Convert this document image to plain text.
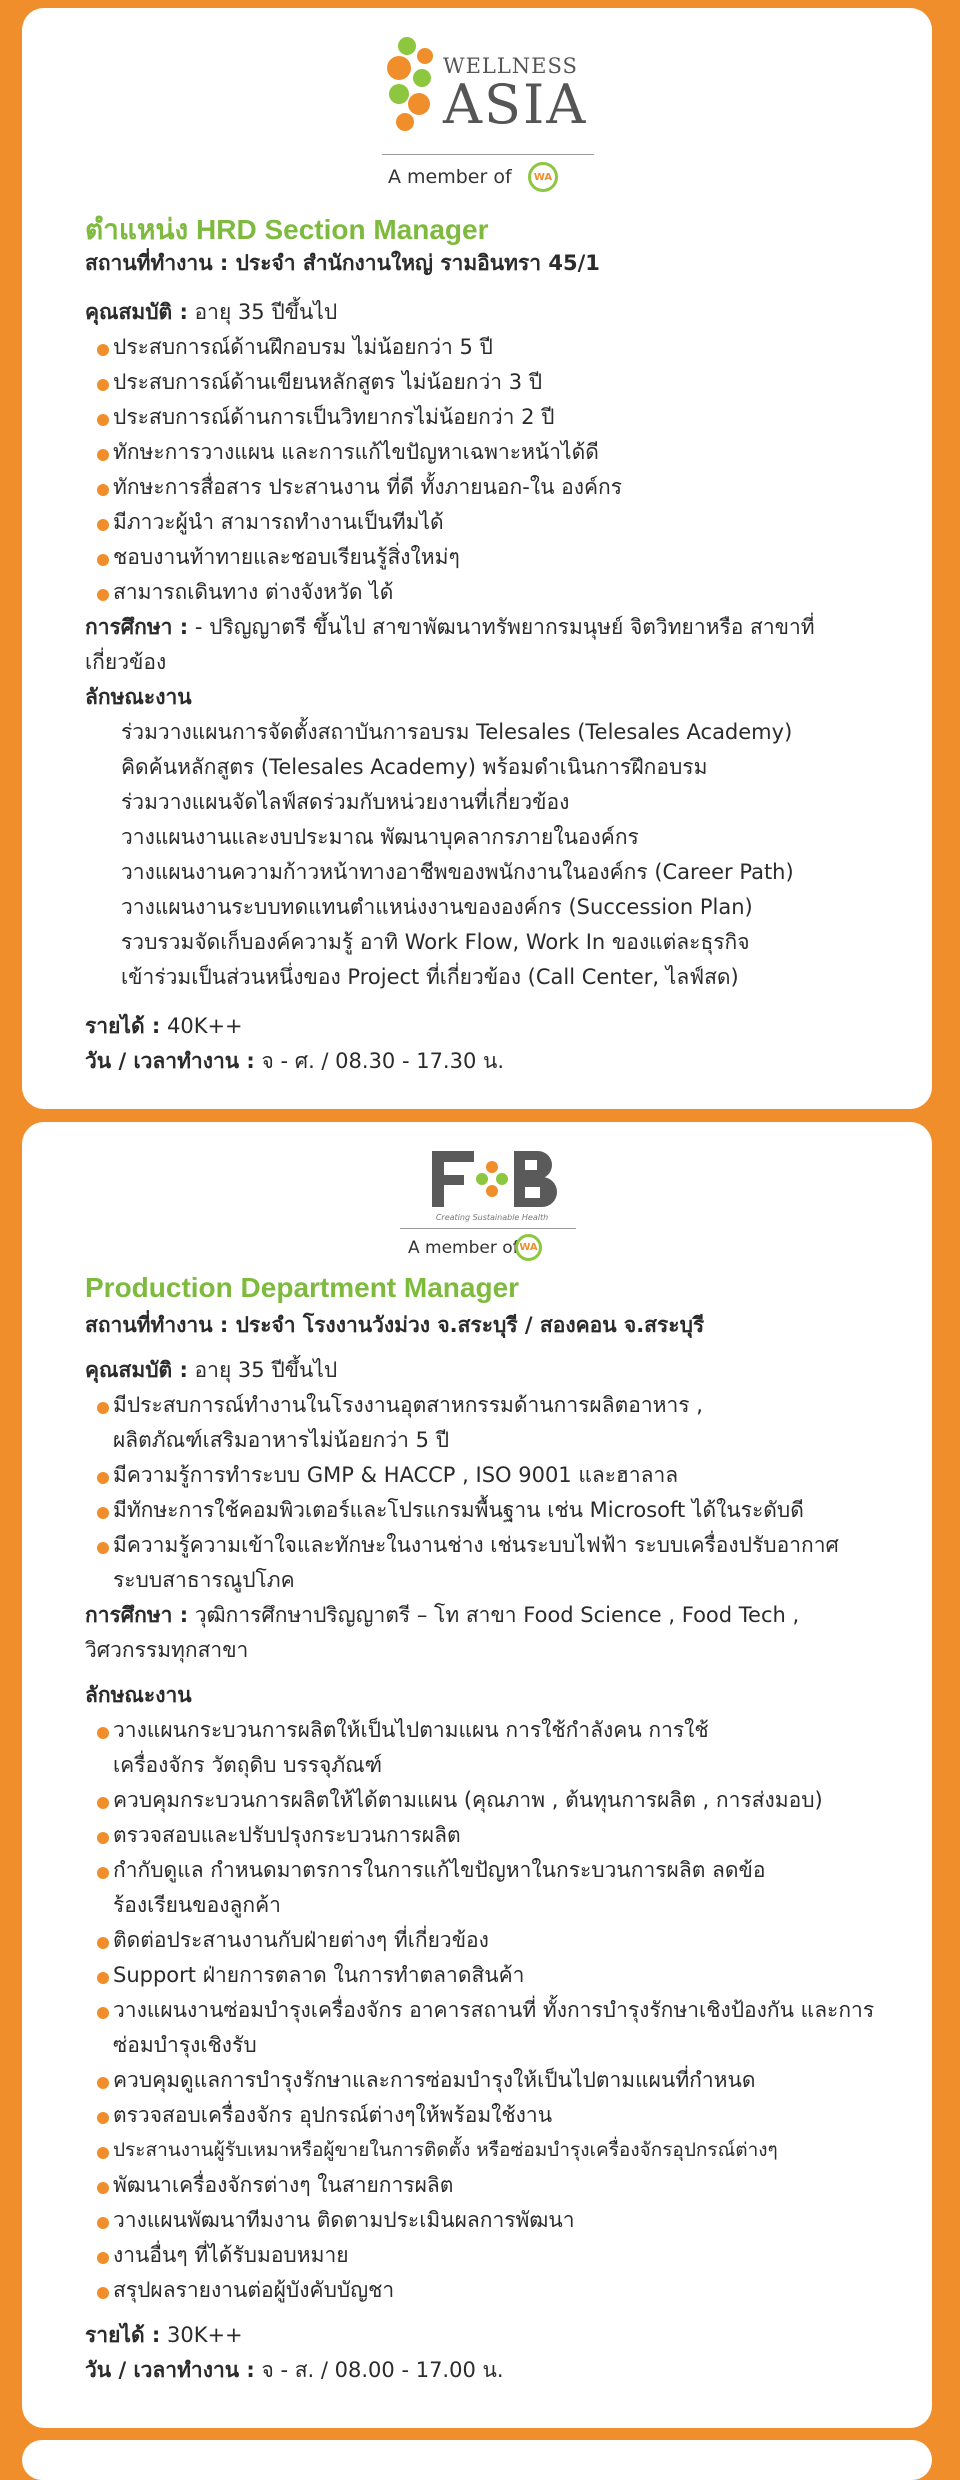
WELLNESS
ASIA
A member of	WA
ตำแหน่ง HRD Section Manager

สถานที่ทำงาน : ประจำ สำนักงานใหญ่ รามอินทรา 45/1

คุณสมบัติ : อายุ 35 ปีขึ้นไป

ประสบการณ์ด้านฝึกอบรม ไม่น้อยกว่า 5 ปี

ประสบการณ์ด้านเขียนหลักสูตร ไม่น้อยกว่า 3 ปี

ประสบการณ์ด้านการเป็นวิทยากรไม่น้อยกว่า 2 ปี

ทักษะการวางแผน และการแก้ไขปัญหาเฉพาะหน้าได้ดี

ทักษะการสื่อสาร ประสานงาน ที่ดี ทั้งภายนอก-ใน องค์กร

มีภาวะผู้นำ สามารถทำงานเป็นทีมได้

ชอบงานท้าทายและชอบเรียนรู้สิ่งใหม่ๆ

สามารถเดินทาง ต่างจังหวัด ได้

การศึกษา : - ปริญญาตรี ขึ้นไป สาขาพัฒนาทรัพยากรมนุษย์ จิตวิทยาหรือ สาขาที่เกี่ยวข้อง

ลักษณะงาน

ร่วมวางแผนการจัดตั้งสถาบันการอบรม Telesales (Telesales Academy)

คิดค้นหลักสูตร (Telesales Academy) พร้อมดำเนินการฝึกอบรม

ร่วมวางแผนจัดไลฟ์สดร่วมกับหน่วยงานที่เกี่ยวข้อง

วางแผนงานและงบประมาณ พัฒนาบุคลากรภายในองค์กร

วางแผนงานความก้าวหน้าทางอาชีพของพนักงานในองค์กร (Career Path)

วางแผนงานระบบทดแทนตำแหน่งงานขององค์กร (Succession Plan)

รวบรวมจัดเก็บองค์ความรู้ อาทิ Work Flow, Work In ของแต่ละธุรกิจ

เข้าร่วมเป็นส่วนหนึ่งของ Project ที่เกี่ยวข้อง (Call Center, ไลฟ์สด)

รายได้ : 40K++

วัน / เวลาทำงาน : จ - ศ. / 08.30 - 17.30 น.

Creating Sustainable Health
A member of WA
Production Department Manager

สถานที่ทำงาน : ประจำ โรงงานวังม่วง จ.สระบุรี / สองคอน จ.สระบุรี

คุณสมบัติ : อายุ 35 ปีขึ้นไป

มีประสบการณ์ทำงานในโรงงานอุตสาหกรรมด้านการผลิตอาหาร , ผลิตภัณฑ์เสริมอาหารไม่น้อยกว่า 5 ปี

มีความรู้การทำระบบ GMP & HACCP , ISO 9001 และฮาลาล

มีทักษะการใช้คอมพิวเตอร์และโปรแกรมพื้นฐาน เช่น Microsoft ได้ในระดับดี

มีความรู้ความเข้าใจและทักษะในงานช่าง เช่นระบบไฟฟ้า ระบบเครื่องปรับอากาศ ระบบสาธารณูปโภค

การศึกษา : วุฒิการศึกษาปริญญาตรี – โท สาขา Food Science , Food Tech , วิศวกรรมทุกสาขา

ลักษณะงาน

วางแผนกระบวนการผลิตให้เป็นไปตามแผน การใช้กำลังคน การใช้เครื่องจักร วัตถุดิบ บรรจุภัณฑ์

ควบคุมกระบวนการผลิตให้ได้ตามแผน (คุณภาพ , ต้นทุนการผลิต , การส่งมอบ)

ตรวจสอบและปรับปรุงกระบวนการผลิต

กำกับดูแล กำหนดมาตรการในการแก้ไขปัญหาในกระบวนการผลิต ลดข้อร้องเรียนของลูกค้า

ติดต่อประสานงานกับฝ่ายต่างๆ ที่เกี่ยวข้อง

Support ฝ่ายการตลาด ในการทำตลาดสินค้า

วางแผนงานซ่อมบำรุงเครื่องจักร อาคารสถานที่ ทั้งการบำรุงรักษาเชิงป้องกัน และการซ่อมบำรุงเชิงรับ

ควบคุมดูแลการบำรุงรักษาและการซ่อมบำรุงให้เป็นไปตามแผนที่กำหนด

ตรวจสอบเครื่องจักร อุปกรณ์ต่างๆให้พร้อมใช้งาน

ประสานงานผู้รับเหมาหรือผู้ขายในการติดตั้ง หรือซ่อมบำรุงเครื่องจักรอุปกรณ์ต่างๆ

พัฒนาเครื่องจักรต่างๆ ในสายการผลิต

วางแผนพัฒนาทีมงาน ติดตามประเมินผลการพัฒนา

งานอื่นๆ ที่ได้รับมอบหมาย

สรุปผลรายงานต่อผู้บังคับบัญชา

รายได้ : 30K++

วัน / เวลาทำงาน : จ - ส. / 08.00 - 17.00 น.
